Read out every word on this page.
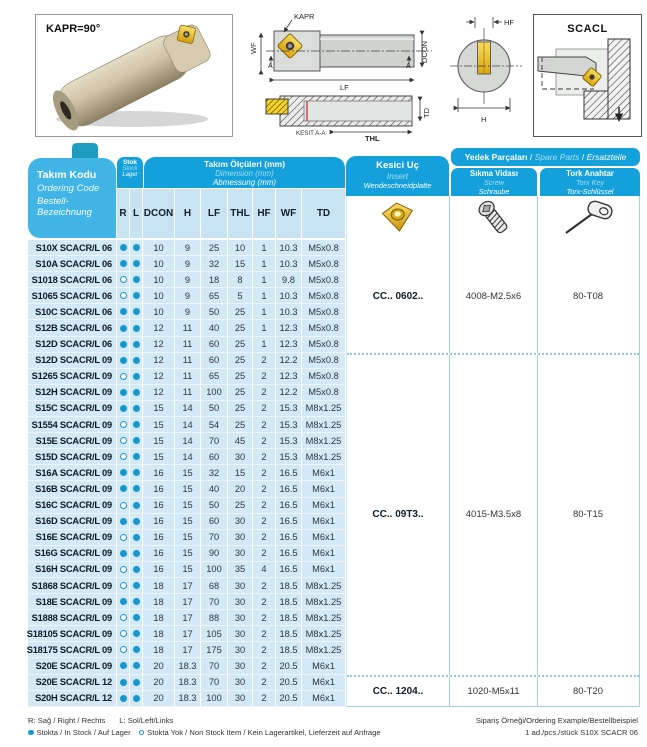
KAPR=90°
WF
KAPR
A	A
DCON
LF
KESIT A-A
THL
TD
HF
H
SCACL
Takım Kodu
Ordering Code
Bestell-Bezeichnung
Stok
Stock
Lager
Takım Ölçüleri (mm)
Dimension (mm)
Abmessung (mm)
Kesici Uç
Insert
Wendeschneidplatte
Yedek Parçaları / Spare Parts / Ersatzteile
Sıkma Vidası
Screw
Schraube
Tork Anahtar
Torx Key
Torx-Schlüssel
R L DCON	H	LF	THL HF	WF	TD
S10X SCACR/L 06	10	9	25	10	1	10.3	M5x0.8
S10A SCACR/L 06	10	9	32	15	1	10.3	M5x0.8
S1018 SCACR/L 06	10	9	18	8	1	9.8	M5x0.8
S1065 SCACR/L 06	10	9	65	5	1	10.3	M5x0.8
S10C SCACR/L 06	10	9	50	25	1	10.3	M5x0.8
S12B SCACR/L 06	12	11	40	25	1	12.3	M5x0.8
S12D SCACR/L 06	12	11	60	25	1	12.3	M5x0.8
S12D SCACR/L 09	12	11	60	25	2	12.2	M5x0.8
S1265 SCACR/L 09	12	11	65	25	2	12.3	M5x0.8
S12H SCACR/L 09	12	11	100	25	2	12.2	M5x0.8
S15C SCACR/L 09	15	14	50	25	2	15.3 M8x1.25
S1554 SCACR/L 09	15	14	54	25	2	15.3 M8x1.25
S15E SCACR/L 09	15	14	70	45	2	15.3 M8x1.25
S15D SCACR/L 09	15	14	60	30	2	15.3 M8x1.25
S16A SCACR/L 09	16	15	32	15	2	16.5	M6x1
S16B SCACR/L 09	16	15	40	20	2	16.5	M6x1
S16C SCACR/L 09	16	15	50	25	2	16.5	M6x1
S16D SCACR/L 09	16	15	60	30	2	16.5	M6x1
S16E SCACR/L 09	16	15	70	30	2	16.5	M6x1
S16G SCACR/L 09	16	15	90	30	2	16.5	M6x1
S16H SCACR/L 09	16	15	100	35	4	16.5	M6x1
S1868 SCACR/L 09	18	17	68	30	2	18.5 M8x1.25
S18E SCACR/L 09	18	17	70	30	2	18.5 M8x1.25
S1888 SCACR/L 09	18	17	88	30	2	18.5 M8x1.25
S18105 SCACR/L 09	18	17	105	30	2	18.5 M8x1.25
S18175 SCACR/L 09	18	17	175	30	2	18.5 M8x1.25
S20E SCACR/L 09	20	18.3	70	30	2	20.5	M6x1
S20E SCACR/L 12	20	18.3	70	30	2	20.5	M6x1
S20H SCACR/L 12	20	18.3	100	30	2	20.5	M6x1
CC.. 0602..	4008-M2.5x6	80-T08
CC.. 09T3..	4015-M3.5x8	80-T15
CC.. 1204..	1020-M5x11	80-T20
R: Sağ / Right / Rechts L: Sol/Left/Links
Stokta / In Stock / Auf Lager Stokta Yok / Non Stock Item / Kein Lagerartikel, Lieferzeit auf Anfrage
Sipariş Örneği/Ordering Example/Bestellbeispiel
1 ad./pcs./stück S10X SCACR 06
